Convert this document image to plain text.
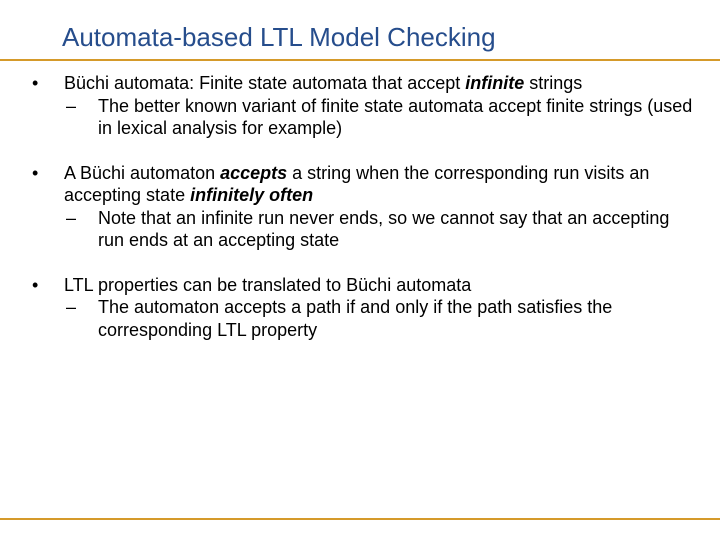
Automata-based LTL Model Checking
•	Büchi automata: Finite state automata that accept infinite strings
–	The better known variant of finite state automata accept finite strings (used in lexical analysis for example)
•	A Büchi automaton accepts a string when the corresponding run visits an accepting state infinitely often
–	Note that an infinite run never ends, so we cannot say that an accepting run ends at an accepting state
•	LTL properties can be translated to Büchi automata
–	The automaton accepts a path if and only if the path satisfies the corresponding LTL property
